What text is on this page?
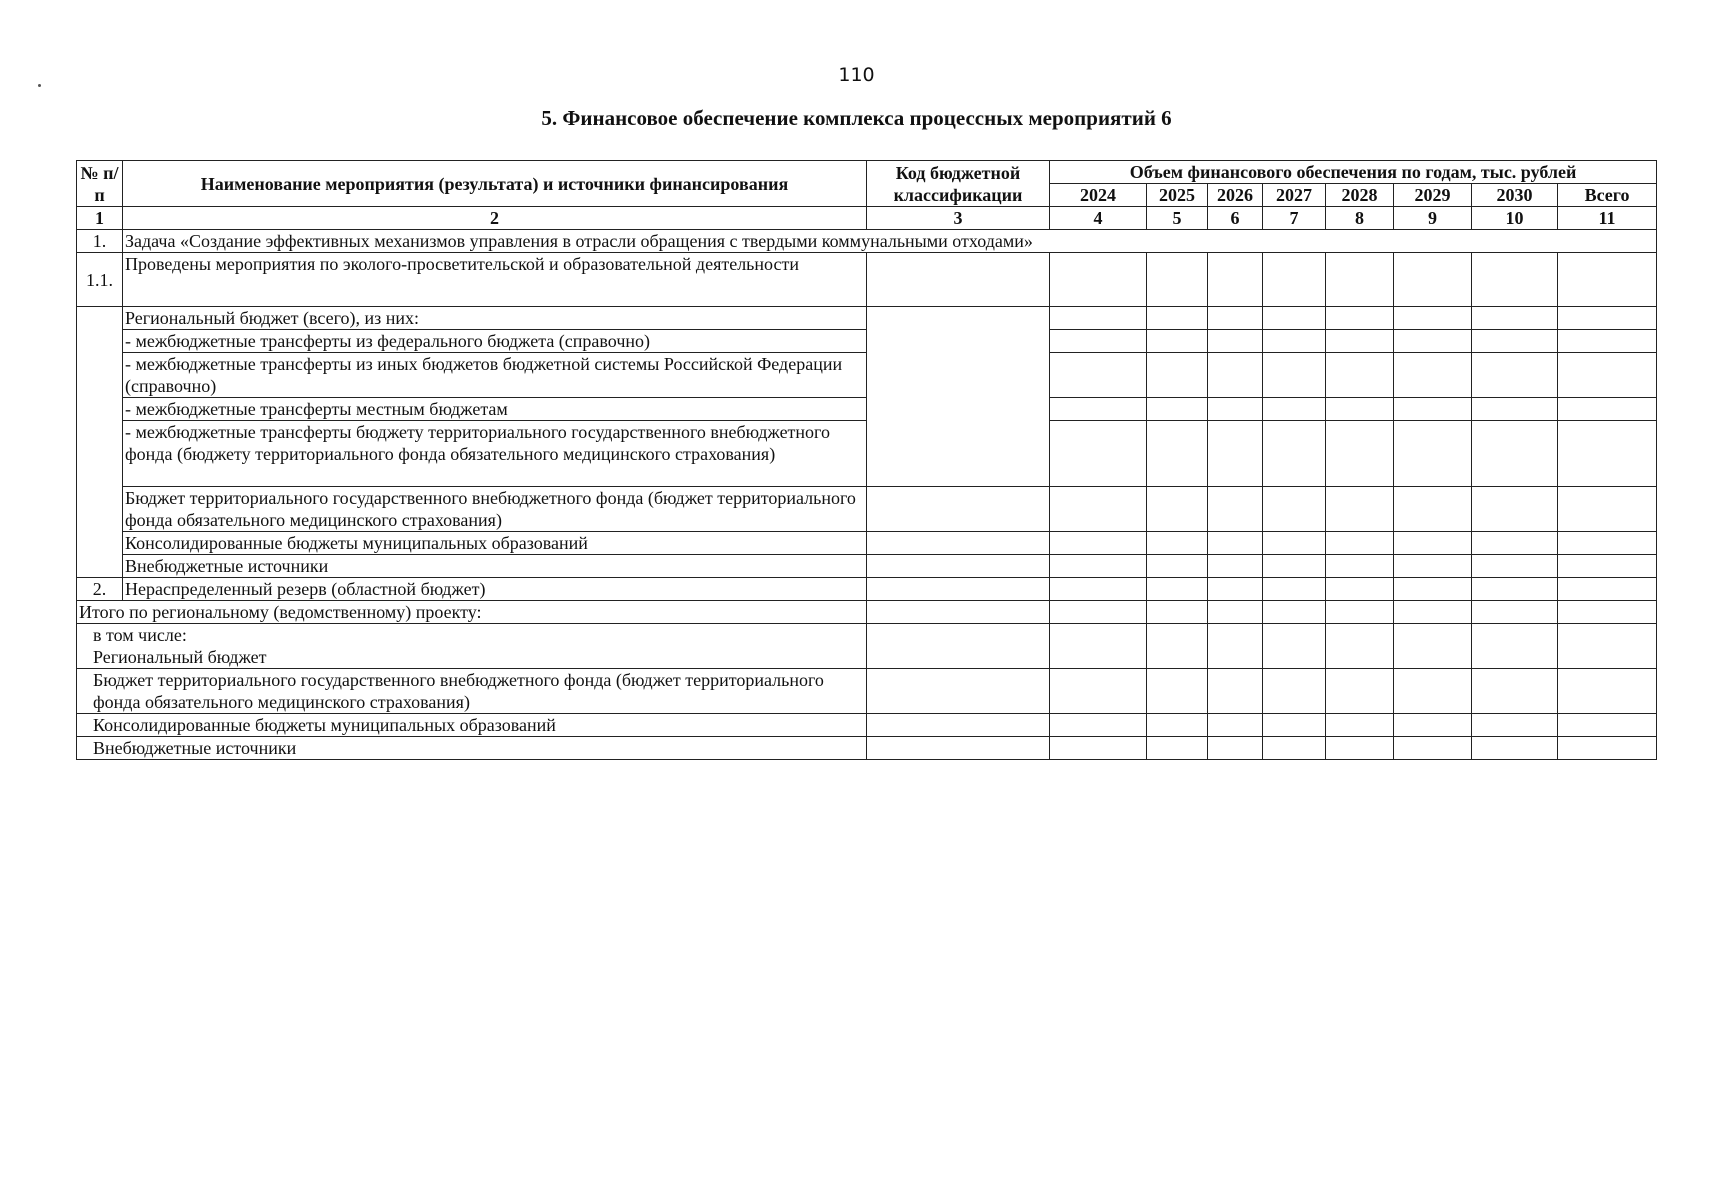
110
5. Финансовое обеспечение комплекса процессных мероприятий 6
№ п/п	Наименование мероприятия (результата) и источники финансирования	Код бюджетной классификации	Объем финансового обеспечения по годам, тыс. рублей							
			2024	2025	2026	2027	2028	2029	2030	Всего
1	2	3	4	5	6	7	8	9	10	11
1.	Задача «Создание эффективных механизмов управления в отрасли обращения с твердыми коммунальными отходами»									
1.1.	Проведены мероприятия по эколого-просветительской и образовательной деятельности									
	Региональный бюджет (всего), из них:									
	- межбюджетные трансферты из федерального бюджета (справочно)									
	- межбюджетные трансферты из иных бюджетов бюджетной системы Российской Федерации (справочно)									
	- межбюджетные трансферты местным бюджетам									
	- межбюджетные трансферты бюджету территориального государственного внебюджетного фонда (бюджету территориального фонда обязательного медицинского страхования)									
	Бюджет территориального государственного внебюджетного фонда (бюджет территориального фонда обязательного медицинского страхования)									
	Консолидированные бюджеты муниципальных образований									
	Внебюджетные источники									
2.	Нераспределенный резерв (областной бюджет)									
Итого по региональному (ведомственному) проекту:										
в том числе:
Региональный бюджет										
Бюджет территориального государственного внебюджетного фонда (бюджет территориального фонда обязательного медицинского страхования)										
Консолидированные бюджеты муниципальных образований										
Внебюджетные источники										
